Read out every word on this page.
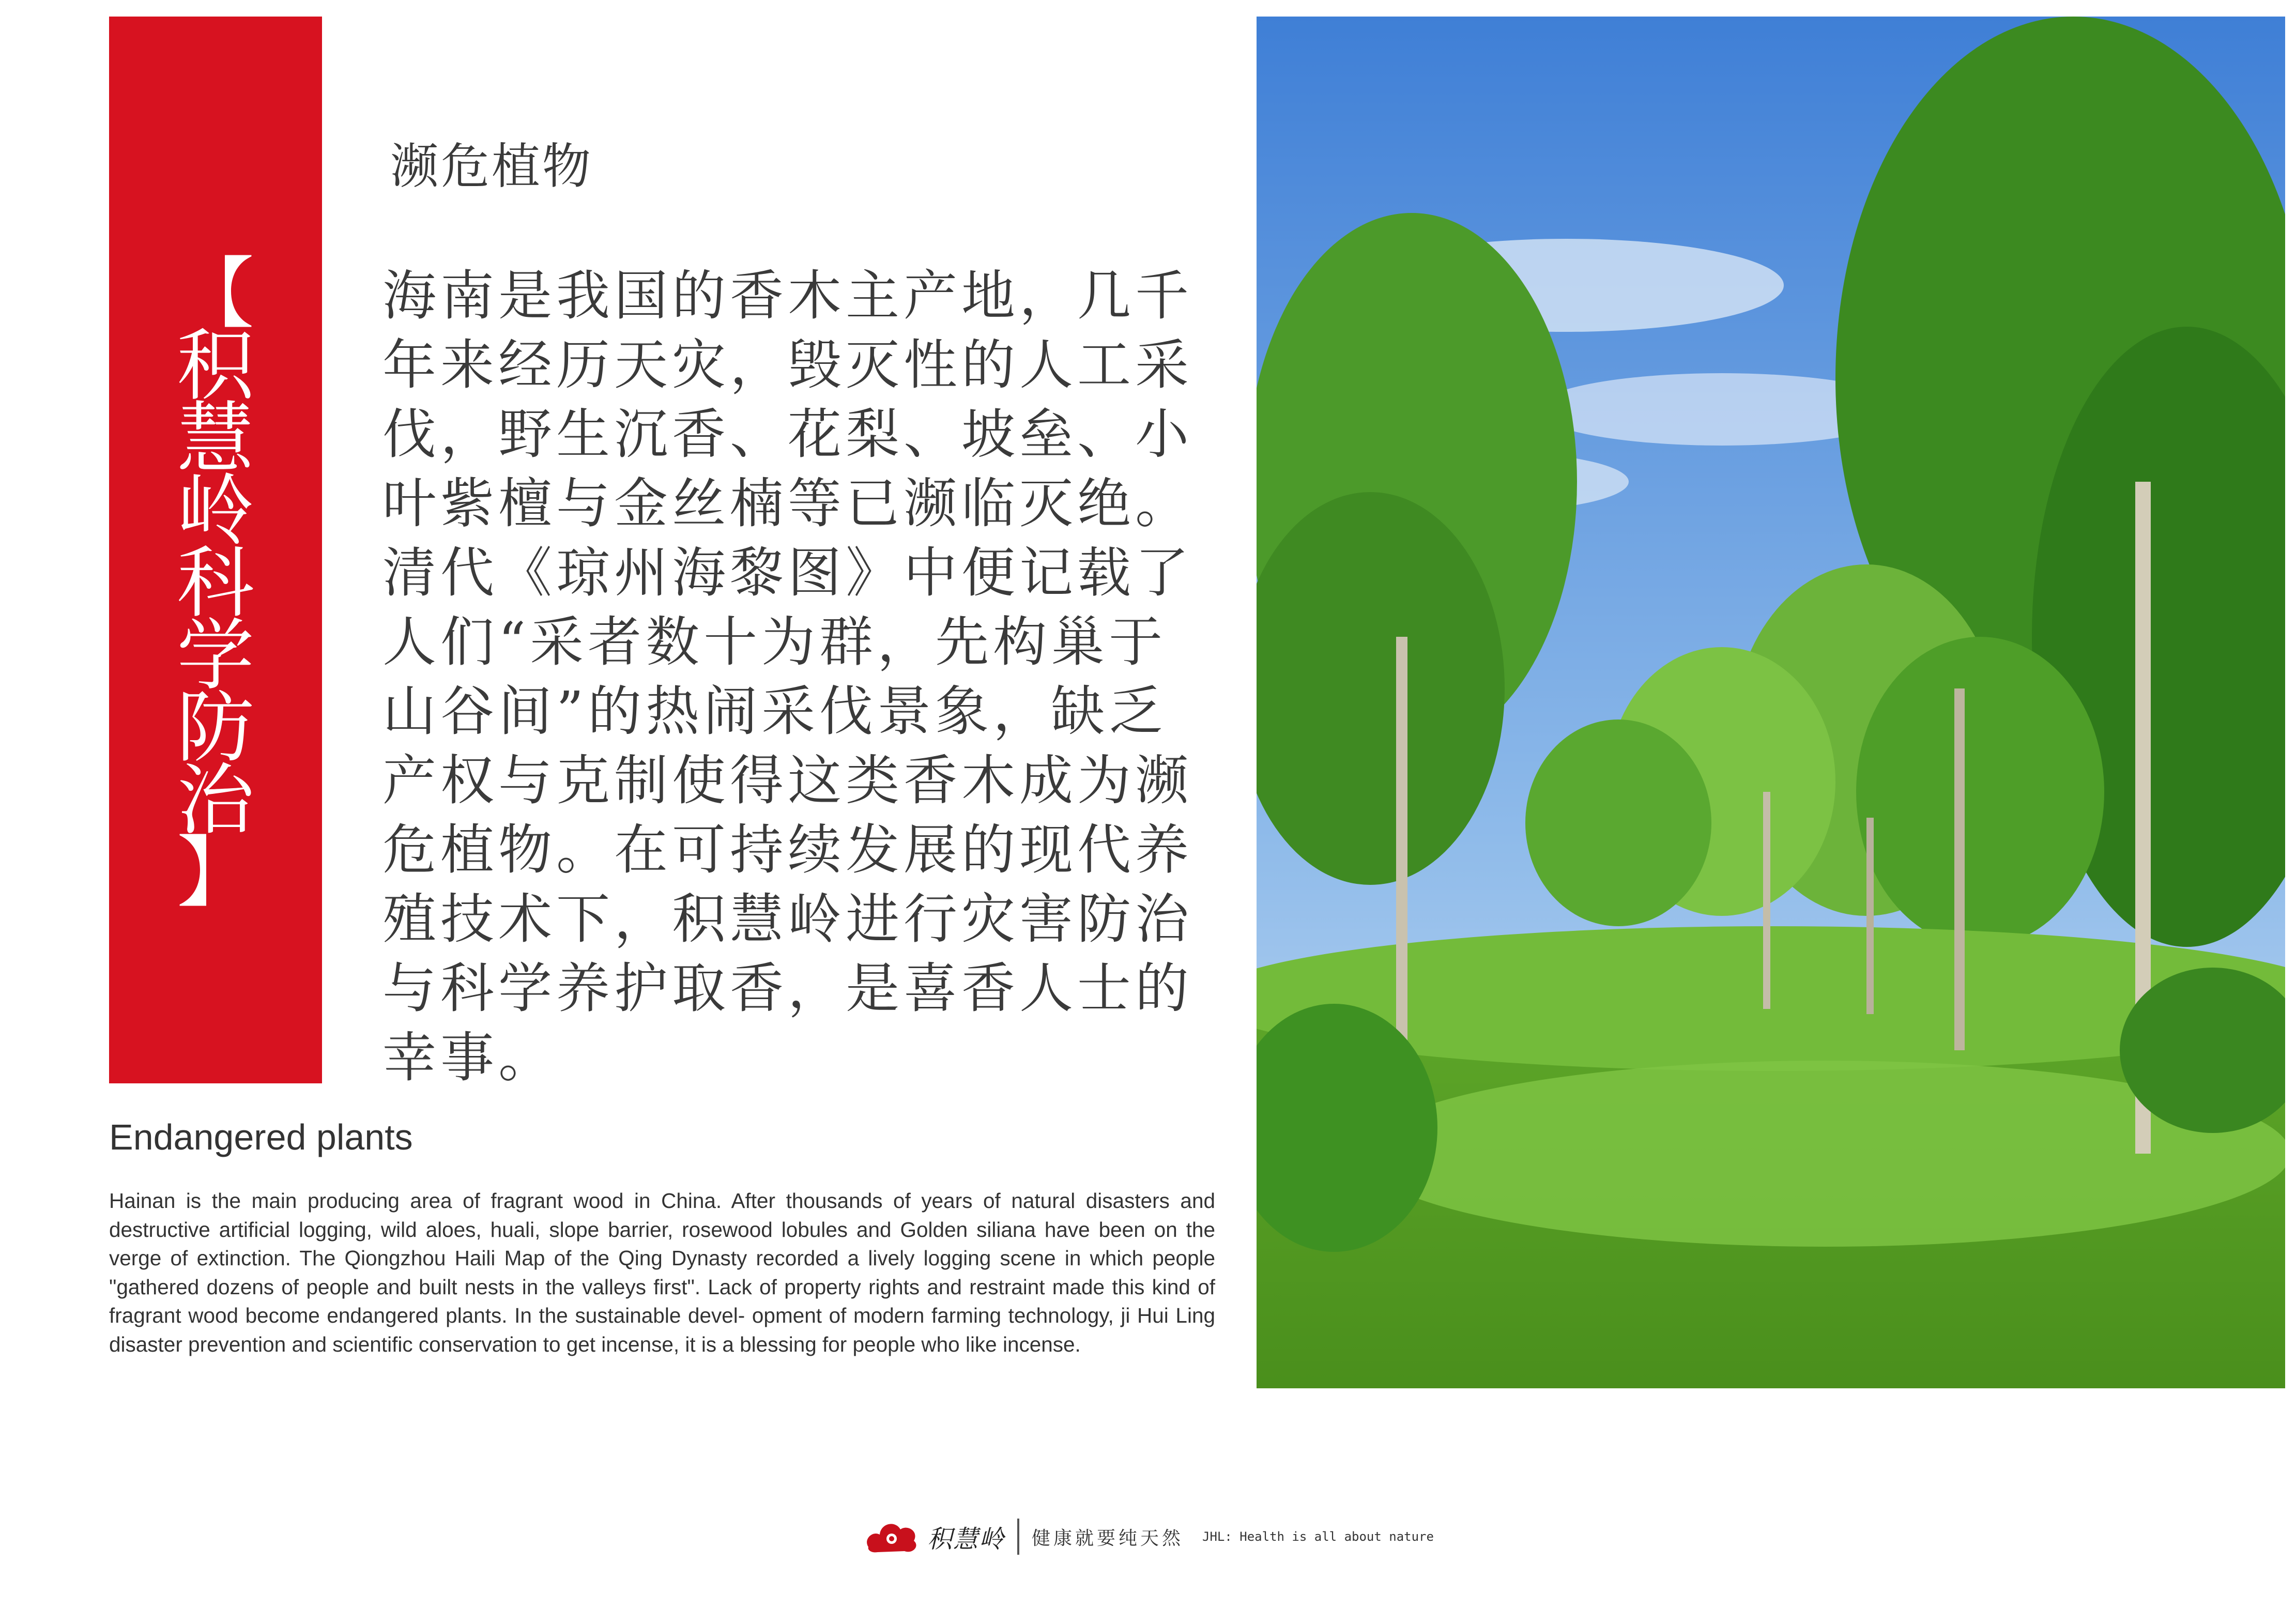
【
积
慧
岭
科
学
防
治
】
濒危植物

海南是我国的香木主产地，几千年来经历天灾，毁灭性的人工采伐，野生沉香、花梨、坡垒、小叶紫檀与金丝楠等已濒临灭绝。清代《琼州海黎图》中便记载了人们“采者数十为群，先构巢于山谷间”的热闹采伐景象，缺乏产权与克制使得这类香木成为濒危植物。在可持续发展的现代养殖技术下，积慧岭进行灾害防治与科学养护取香，是喜香人士的幸事。

Endangered plants

Hainan is the main producing area of fragrant wood in China. After thousands of years of natural disasters and destructive artificial logging, wild aloes, huali, slope barrier, rosewood lobules and Golden siliana have been on the verge of extinction. The Qiongzhou Haili Map of the Qing Dynasty recorded a lively logging scene in which people "gathered dozens of people and built nests in the valleys first". Lack of property rights and restraint made this kind of fragrant wood become endangered plants. In the sustainable devel- opment of modern farming technology, ji Hui Ling disaster prevention and scientific conservation to get incense, it is a blessing for people who like incense.

积慧岭 健康就要纯天然 JHL: Health is all about nature
